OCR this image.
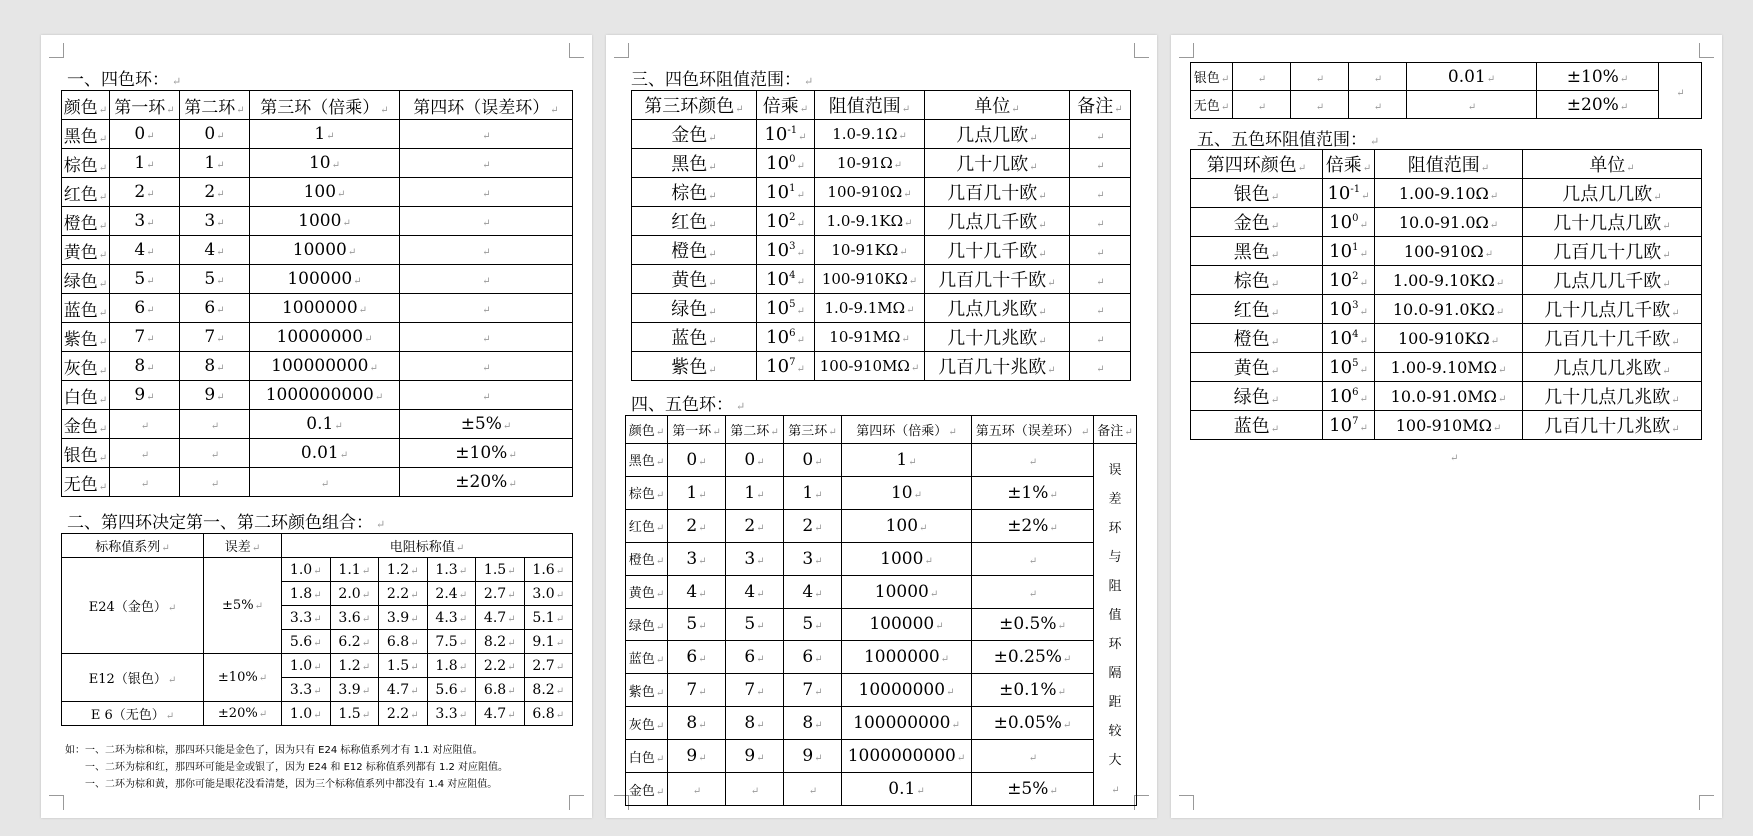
一、四色环： ↵
颜色 ↵	第一环 ↵	第二环 ↵	第三环（倍乘） ↵	第四环（误差环） ↵
黑色 ↵	0 ↵	0 ↵	1 ↵	↵
棕色 ↵	1 ↵	1 ↵	10 ↵	↵
红色 ↵	2 ↵	2 ↵	100 ↵	↵
橙色 ↵	3 ↵	3 ↵	1000 ↵	↵
黄色 ↵	4 ↵	4 ↵	10000 ↵	↵
绿色 ↵	5 ↵	5 ↵	100000 ↵	↵
蓝色 ↵	6 ↵	6 ↵	1000000 ↵	↵
紫色 ↵	7 ↵	7 ↵	10000000 ↵	↵
灰色 ↵	8 ↵	8 ↵	100000000 ↵	↵
白色 ↵	9 ↵	9 ↵	1000000000 ↵	↵
金色 ↵	↵	↵	0.1 ↵	±5% ↵
银色 ↵	↵	↵	0.01 ↵	±10% ↵
无色 ↵	↵	↵	↵	±20% ↵
二、第四环决定第一、第二环颜色组合： ↵
标称值系列 ↵	误差 ↵	电阻标称值 ↵
E24（金色） ↵	±5% ↵	1.0 ↵	1.1 ↵	1.2 ↵	1.3 ↵	1.5 ↵	1.6 ↵
		1.8 ↵	2.0 ↵	2.2 ↵	2.4 ↵	2.7 ↵	3.0 ↵
		3.3 ↵	3.6 ↵	3.9 ↵	4.3 ↵	4.7 ↵	5.1 ↵
		5.6 ↵	6.2 ↵	6.8 ↵	7.5 ↵	8.2 ↵	9.1 ↵
E12（银色） ↵	±10% ↵	1.0 ↵	1.2 ↵	1.5 ↵	1.8 ↵	2.2 ↵	2.7 ↵
		3.3 ↵	3.9 ↵	4.7 ↵	5.6 ↵	6.8 ↵	8.2 ↵
E 6（无色） ↵	±20% ↵	1.0 ↵	1.5 ↵	2.2 ↵	3.3 ↵	4.7 ↵	6.8 ↵
如：一、二环为棕和棕，那四环只能是金色了，因为只有 E24 标称值系列才有 1.1 对应阻值。
一、二环为棕和红，那四环可能是金或银了，因为 E24 和 E12 标称值系列都有 1.2 对应阻值。
一、二环为棕和黄，那你可能是眼花没看清楚，因为三个标称值系列中都没有 1.4 对应阻值。
三、四色环阻值范围： ↵
第三环颜色 ↵	倍乘 ↵	阻值范围 ↵	单位 ↵	备注 ↵
金色 ↵	$10^{-1}$ ↵	1.0-9.1Ω ↵	几点几欧 ↵	↵
黑色 ↵	$10^0$ ↵	10-91Ω ↵	几十几欧 ↵	↵
棕色 ↵	$10^1$ ↵	100-910Ω ↵	几百几十欧 ↵	↵
红色 ↵	$10^2$ ↵	1.0-9.1KΩ ↵	几点几千欧 ↵	↵
橙色 ↵	$10^3$ ↵	10-91KΩ ↵	几十几千欧 ↵	↵
黄色 ↵	$10^4$ ↵	100-910KΩ ↵	几百几十千欧 ↵	↵
绿色 ↵	$10^5$ ↵	1.0-9.1MΩ ↵	几点几兆欧 ↵	↵
蓝色 ↵	$10^6$ ↵	10-91MΩ ↵	几十几兆欧 ↵	↵
紫色 ↵	$10^7$ ↵	100-910MΩ ↵	几百几十兆欧 ↵	↵
四、五色环： ↵
颜色 ↵	第一环 ↵	第二环 ↵	第三环 ↵	第四环（倍乘） ↵	第五环（误差环） ↵	备注 ↵
黑色 ↵	0 ↵	0 ↵	0 ↵	1 ↵	↵	误差环与阻值环隔距较大
↵
棕色 ↵	1 ↵	1 ↵	1 ↵	10 ↵	±1% ↵
红色 ↵	2 ↵	2 ↵	2 ↵	100 ↵	±2% ↵
橙色 ↵	3 ↵	3 ↵	3 ↵	1000 ↵	↵
黄色 ↵	4 ↵	4 ↵	4 ↵	10000 ↵	↵
绿色 ↵	5 ↵	5 ↵	5 ↵	100000 ↵	±0.5% ↵
蓝色 ↵	6 ↵	6 ↵	6 ↵	1000000 ↵	±0.25% ↵
紫色 ↵	7 ↵	7 ↵	7 ↵	10000000 ↵	±0.1% ↵
灰色 ↵	8 ↵	8 ↵	8 ↵	100000000 ↵	±0.05% ↵
白色 ↵	9 ↵	9 ↵	9 ↵	1000000000 ↵	↵
金色 ↵	↵	↵	↵	0.1 ↵	±5% ↵
银色 ↵	↵	↵	↵	0.01 ↵	±10% ↵	↵
无色 ↵	↵	↵	↵	↵	±20% ↵
五、五色环阻值范围： ↵
第四环颜色 ↵	倍乘 ↵	阻值范围 ↵	单位 ↵
银色 ↵	$10^{-1}$ ↵	1.00-9.10Ω ↵	几点几几欧 ↵
金色 ↵	$10^0$ ↵	10.0-91.0Ω ↵	几十几点几欧 ↵
黑色 ↵	$10^1$ ↵	100-910Ω ↵	几百几十几欧 ↵
棕色 ↵	$10^2$ ↵	1.00-9.10KΩ ↵	几点几几千欧 ↵
红色 ↵	$10^3$ ↵	10.0-91.0KΩ ↵	几十几点几千欧 ↵
橙色 ↵	$10^4$ ↵	100-910KΩ ↵	几百几十几千欧 ↵
黄色 ↵	$10^5$ ↵	1.00-9.10MΩ ↵	几点几几兆欧 ↵
绿色 ↵	$10^6$ ↵	10.0-91.0MΩ ↵	几十几点几兆欧 ↵
蓝色 ↵	$10^7$ ↵	100-910MΩ ↵	几百几十几兆欧 ↵
↵
